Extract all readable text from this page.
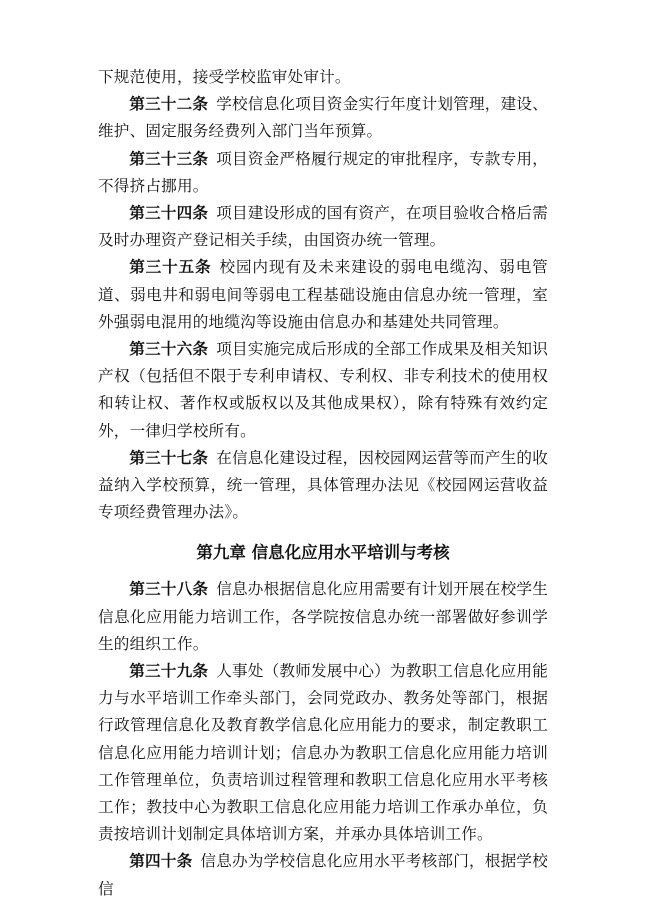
下规范使用，接受学校监审处审计。

第三十二条 学校信息化项目资金实行年度计划管理，建设、维护、固定服务经费列入部门当年预算。

第三十三条 项目资金严格履行规定的审批程序，专款专用，不得挤占挪用。

第三十四条 项目建设形成的国有资产，在项目验收合格后需及时办理资产登记相关手续，由国资办统一管理。

第三十五条 校园内现有及未来建设的弱电电缆沟、弱电管道、弱电井和弱电间等弱电工程基础设施由信息办统一管理，室外强弱电混用的地缆沟等设施由信息办和基建处共同管理。

第三十六条 项目实施完成后形成的全部工作成果及相关知识产权（包括但不限于专利申请权、专利权、非专利技术的使用权和转让权、著作权或版权以及其他成果权），除有特殊有效约定外，一律归学校所有。

第三十七条 在信息化建设过程，因校园网运营等而产生的收益纳入学校预算，统一管理，具体管理办法见《校园网运营收益专项经费管理办法》。

第九章 信息化应用水平培训与考核

第三十八条 信息办根据信息化应用需要有计划开展在校学生信息化应用能力培训工作，各学院按信息办统一部署做好参训学生的组织工作。

第三十九条 人事处（教师发展中心）为教职工信息化应用能力与水平培训工作牵头部门，会同党政办、教务处等部门，根据行政管理信息化及教育教学信息化应用能力的要求，制定教职工信息化应用能力培训计划；信息办为教职工信息化应用能力培训工作管理单位，负责培训过程管理和教职工信息化应用水平考核工作；教技中心为教职工信息化应用能力培训工作承办单位，负责按培训计划制定具体培训方案，并承办具体培训工作。

第四十条 信息办为学校信息化应用水平考核部门，根据学校信
